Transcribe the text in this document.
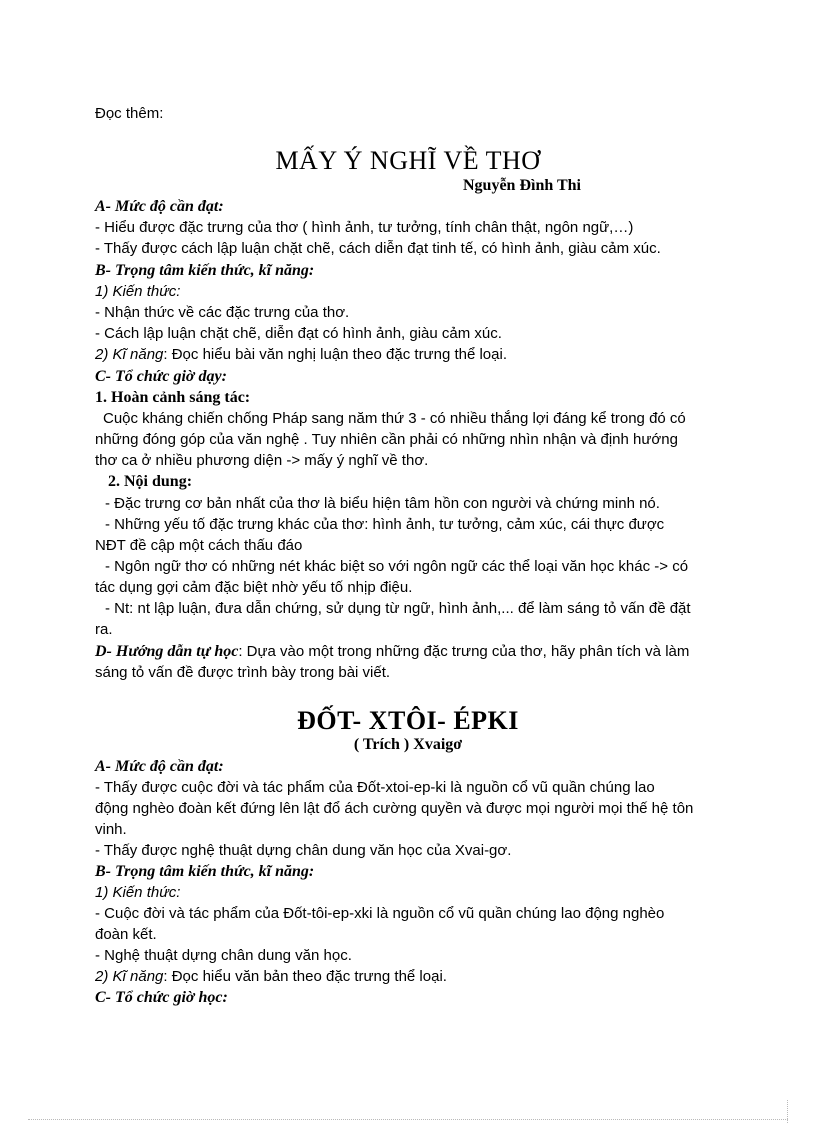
Đọc thêm:
MẤY Ý NGHĨ VỀ THƠ
Nguyễn Đình Thi
A- Mức độ cần đạt:
- Hiểu được đặc trưng của thơ ( hình ảnh, tư tưởng, tính chân thật, ngôn ngữ,…)
- Thấy được cách lập luận chặt chẽ, cách diễn đạt tinh tế, có hình ảnh, giàu cảm xúc.
B- Trọng tâm kiến thức, kĩ năng:
1) Kiến thức:
- Nhận thức về các đặc trưng của thơ.
- Cách lập luận chặt chẽ, diễn đạt có hình ảnh, giàu cảm xúc.
2) Kĩ năng: Đọc hiểu bài văn nghị luận theo đặc trưng thể loại.
C- Tổ chức giờ dạy:
1. Hoàn cảnh sáng tác:
Cuộc kháng chiến chống Pháp sang năm thứ 3 - có nhiều thắng lợi đáng kể trong đó có
những đóng góp của văn nghệ . Tuy nhiên cần phải có những nhìn nhận và định hướng
thơ ca ở nhiều phương diện -> mấy ý nghĩ về thơ.
2. Nội dung:
- Đặc trưng cơ bản nhất của thơ là biểu hiện tâm hồn con người và chứng minh nó.
- Những yếu tố đặc trưng khác của thơ: hình ảnh, tư tưởng, cảm xúc, cái thực được
NĐT đề cập một cách thấu đáo
- Ngôn ngữ thơ có những nét khác biệt so với ngôn ngữ các thể loại văn học khác -> có
tác dụng gợi cảm đặc biệt nhờ yếu tố nhịp điệu.
- Nt: nt lập luận, đưa dẫn chứng, sử dụng từ ngữ, hình ảnh,... để làm sáng tỏ vấn đề đặt
ra.
D- Hướng dẫn tự học: Dựa vào một trong những đặc trưng của thơ, hãy phân tích và làm
sáng tỏ vấn đề được trình bày trong bài viết.
ĐỐT- XTÔI- ÉPKI
( Trích ) Xvaigơ
A- Mức độ cần đạt:
- Thấy được cuộc đời và tác phẩm của Đốt-xtoi-ep-ki là nguồn cổ vũ quần chúng lao
động nghèo đoàn kết đứng lên lật đổ ách cường quyền và được mọi người mọi thế hệ tôn
vinh.
- Thấy được nghệ thuật dựng chân dung văn học của Xvai-gơ.
B- Trọng tâm kiến thức, kĩ năng:
1) Kiến thức:
- Cuộc đời và tác phẩm của Đốt-tôi-ep-xki là nguồn cổ vũ quần chúng lao động nghèo
đoàn kết.
- Nghệ thuật dựng chân dung văn học.
2) Kĩ năng: Đọc hiểu văn bản theo đặc trưng thể loại.
C- Tổ chức giờ học:
